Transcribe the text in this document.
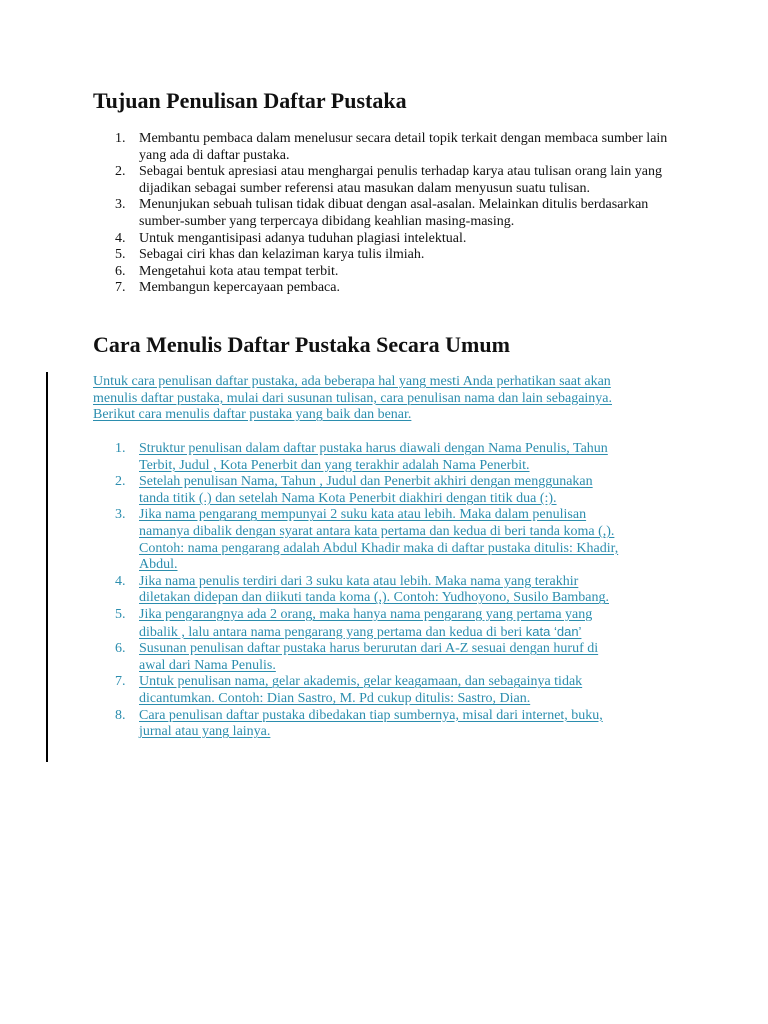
Tujuan Penulisan Daftar Pustaka
1. Membantu pembaca dalam menelusur secara detail topik terkait dengan membaca sumber lain yang ada di daftar pustaka.
2. Sebagai bentuk apresiasi atau menghargai penulis terhadap karya atau tulisan orang lain yang dijadikan sebagai sumber referensi atau masukan dalam menyusun suatu tulisan.
3. Menunjukan sebuah tulisan tidak dibuat dengan asal-asalan. Melainkan ditulis berdasarkan sumber-sumber yang terpercaya dibidang keahlian masing-masing.
4. Untuk mengantisipasi adanya tuduhan plagiasi intelektual.
5. Sebagai ciri khas dan kelaziman karya tulis ilmiah.
6. Mengetahui kota atau tempat terbit.
7. Membangun kepercayaan pembaca.
Cara Menulis Daftar Pustaka Secara Umum

Untuk cara penulisan daftar pustaka, ada beberapa hal yang mesti Anda perhatikan saat akan
menulis daftar pustaka, mulai dari susunan tulisan, cara penulisan nama dan lain sebagainya.
Berikut cara menulis daftar pustaka yang baik dan benar.

1. Struktur penulisan dalam daftar pustaka harus diawali dengan Nama Penulis, Tahun
Terbit, Judul , Kota Penerbit dan yang terakhir adalah Nama Penerbit.
2. Setelah penulisan Nama, Tahun , Judul dan Penerbit akhiri dengan menggunakan
tanda titik (.) dan setelah Nama Kota Penerbit diakhiri dengan titik dua (:).
3. Jika nama pengarang mempunyai 2 suku kata atau lebih. Maka dalam penulisan
namanya dibalik dengan syarat antara kata pertama dan kedua di beri tanda koma (,).
Contoh: nama pengarang adalah Abdul Khadir maka di daftar pustaka ditulis: Khadir,
Abdul.
4. Jika nama penulis terdiri dari 3 suku kata atau lebih. Maka nama yang terakhir
diletakan didepan dan diikuti tanda koma (,). Contoh: Yudhoyono, Susilo Bambang.
5. Jika pengarangnya ada 2 orang, maka hanya nama pengarang yang pertama yang
dibalik , lalu antara nama pengarang yang pertama dan kedua di beri kata ‘dan’
6. Susunan penulisan daftar pustaka harus berurutan dari A-Z sesuai dengan huruf di
awal dari Nama Penulis.
7. Untuk penulisan nama, gelar akademis, gelar keagamaan, dan sebagainya tidak
dicantumkan. Contoh: Dian Sastro, M. Pd cukup ditulis: Sastro, Dian.
8. Cara penulisan daftar pustaka dibedakan tiap sumbernya, misal dari internet, buku,
jurnal atau yang lainya.
